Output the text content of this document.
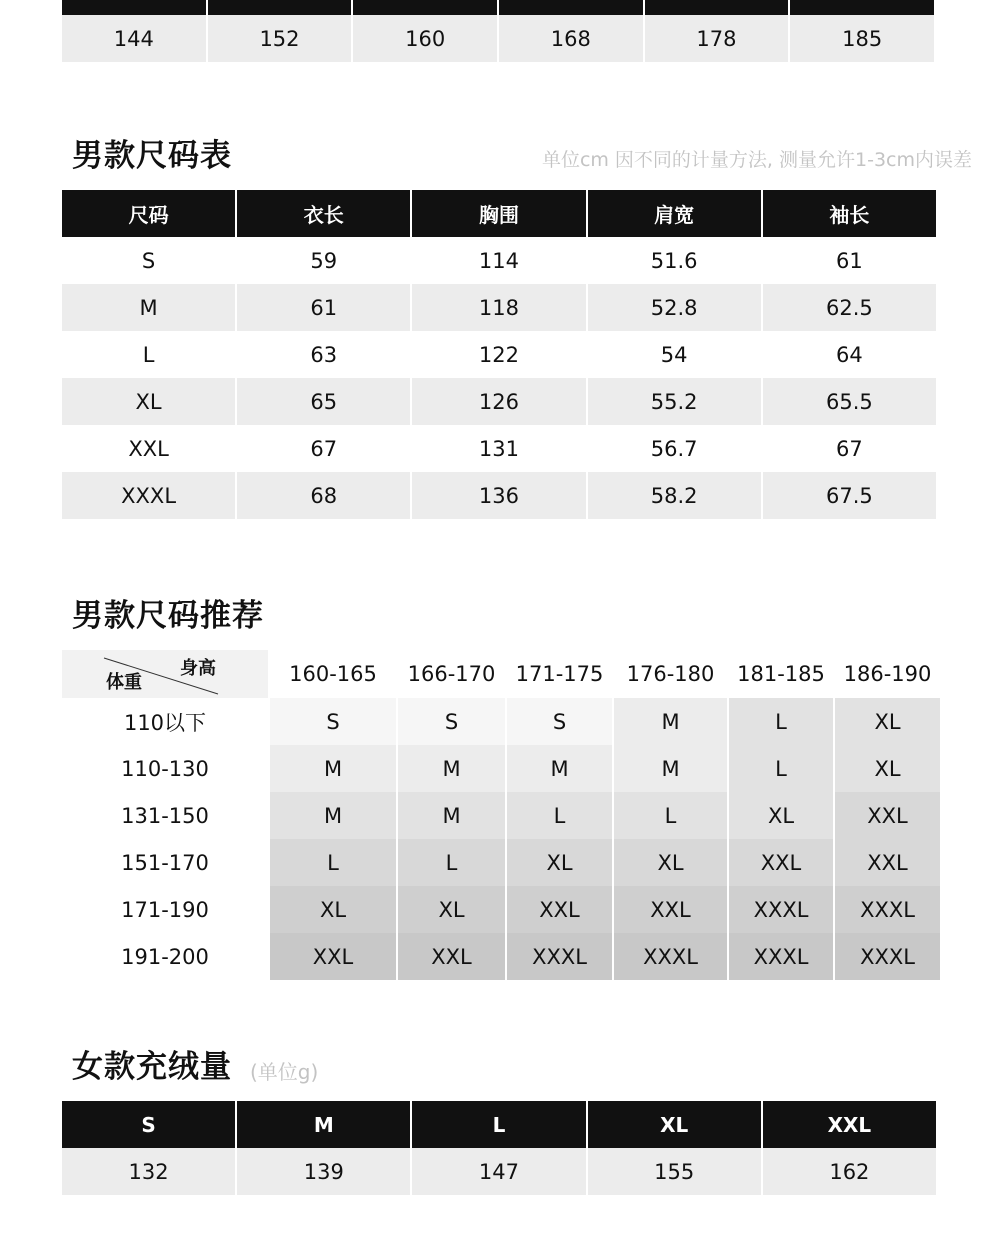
144	152	160	168	178	185
男款尺码表	单位cm 因不同的计量方法, 测量允许1-3cm内误差
尺码	衣长	胸围	肩宽	袖长
S	59	114	51.6	61
M	61	118	52.8	62.5
L	63	122	54	64
XL	65	126	55.2	65.5
XXL	67	131	56.7	67
XXXL	68	136	58.2	67.5
男款尺码推荐
身高
体重	160-165	166-170	171-175	176-180	181-185	186-190
110以下	S	S	S	M	L	XL
110-130	M	M	M	M	L	XL
131-150	M	M	L	L	XL	XXL
151-170	L	L	XL	XL	XXL	XXL
171-190	XL	XL	XXL	XXL	XXXL	XXXL
191-200	XXL	XXL	XXXL	XXXL	XXXL	XXXL
女款充绒量 (单位g)
S	M	L	XL	XXL
132	139	147	155	162
